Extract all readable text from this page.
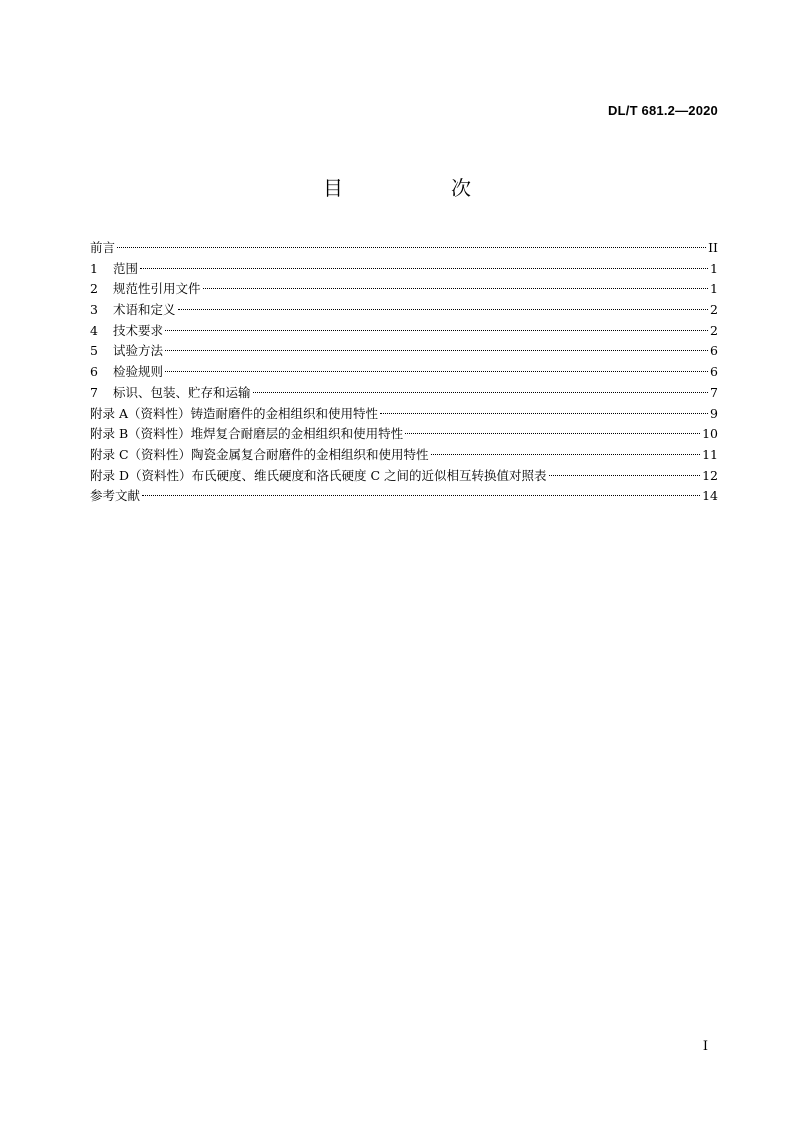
DL/T 681.2—2020
目　次
前言	II
1	范围	1
2	规范性引用文件	1
3	术语和定义	2
4	技术要求	2
5	试验方法	6
6	检验规则	6
7	标识、包装、贮存和运输	7
附录 A（资料性）铸造耐磨件的金相组织和使用特性	9
附录 B（资料性）堆焊复合耐磨层的金相组织和使用特性	10
附录 C（资料性）陶瓷金属复合耐磨件的金相组织和使用特性	11
附录 D（资料性）布氏硬度、维氏硬度和洛氏硬度 C 之间的近似相互转换值对照表	12
参考文献	14
I
